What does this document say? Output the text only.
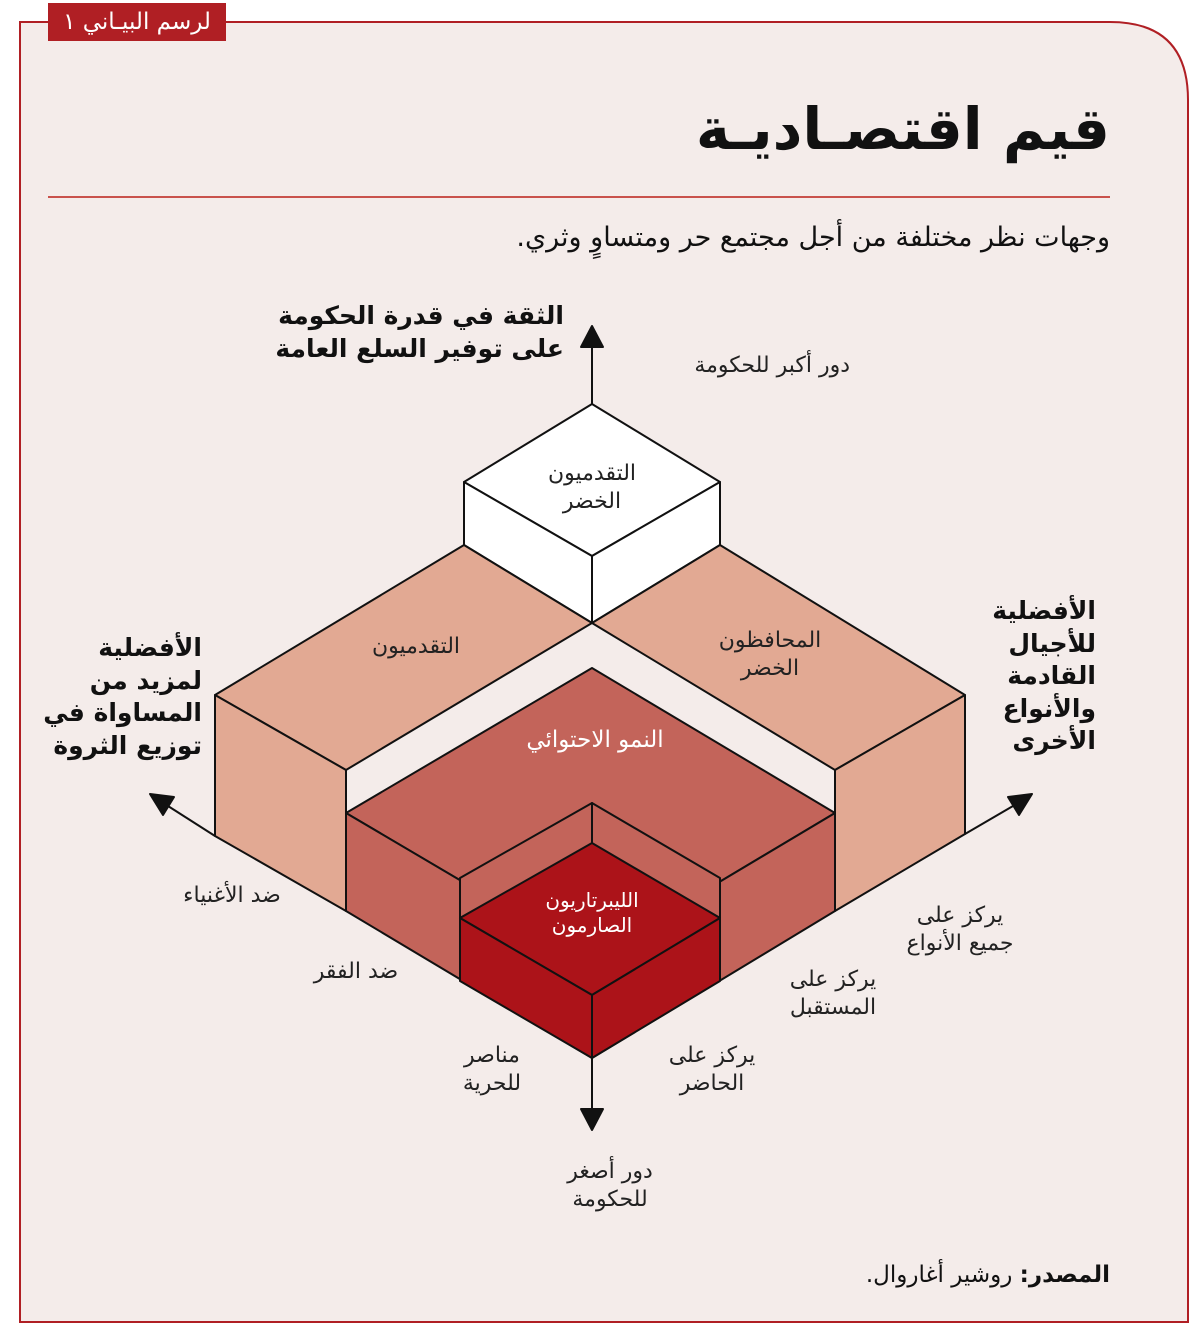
لرسم البيـاني ١
قيم اقتصـاديـة
وجهات نظر مختلفة من أجل مجتمع حر ومتساوٍ وثري.
الثقة في قدرة الحكومة على توفير السلع العامة
دور أكبر للحكومة
الأفضلية لمزيد من المساواة في توزيع الثروة
الأفضلية للأجيال القادمة والأنواع الأخرى
دور أصغر للحكومة
التقدميون الخضر
التقدميون	المحافظون الخضر
النمو الاحتوائي
الليبرتاريون الصارمون
ضد الأغنياء
ضد الفقر
مناصر للحرية
يركز على الحاضر
يركز على المستقبل
يركز على جميع الأنواع
المصدر: روشير أغاروال.
